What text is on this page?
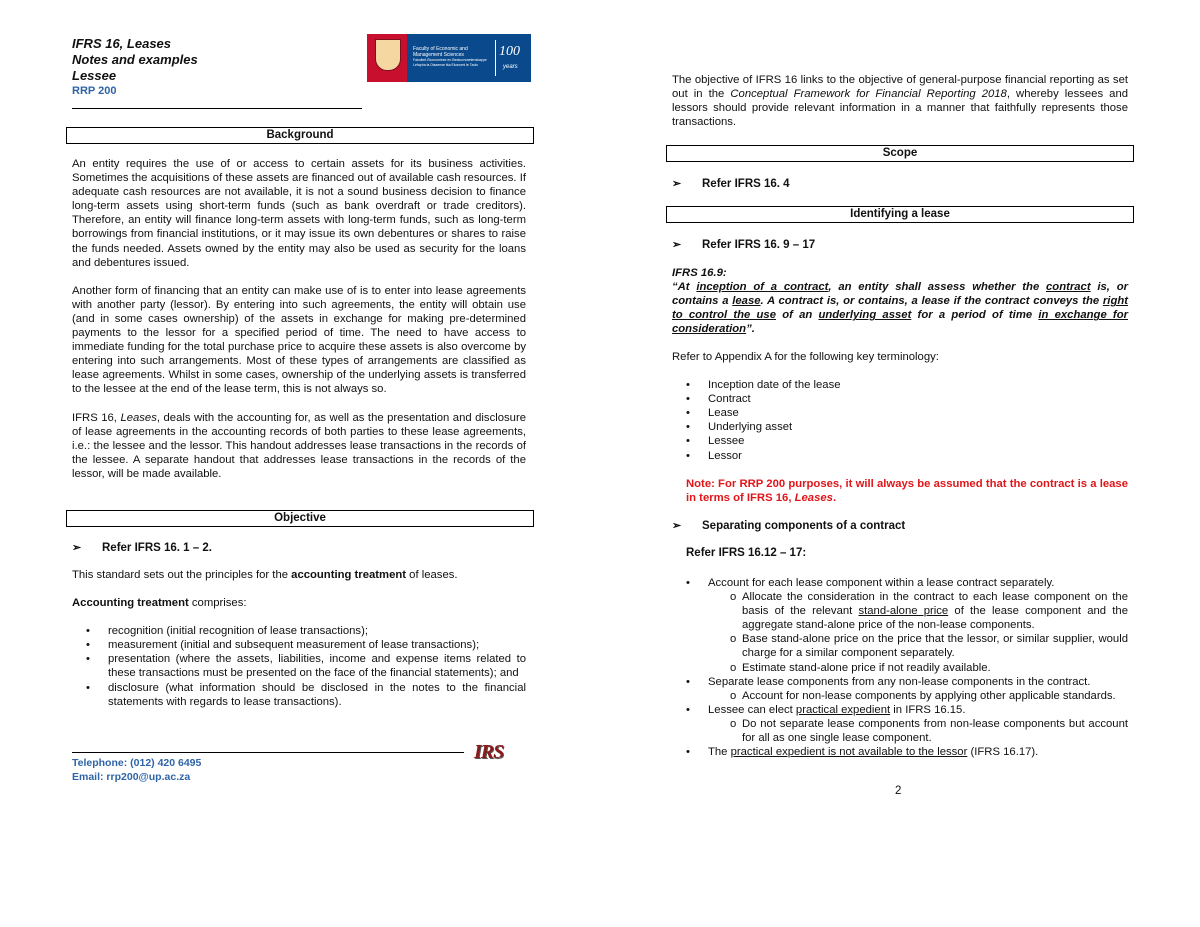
IFRS 16, Leases
Notes and examples
Lessee
RRP 200
Faculty of Economic and
Management Sciences
Fakulteit Ekonomiese en Bestuurswetenskappe
Lefapha la Disaense tša Ekonomi le Taolo
100
years
Background

An entity requires the use of or access to certain assets for its business activities. Sometimes the acquisitions of these assets are financed out of available cash resources. If adequate cash resources are not available, it is not a sound business decision to finance long-term assets using short-term funds (such as bank overdraft or trade creditors). Therefore, an entity will finance long-term assets with long-term funds, such as long-term borrowings from financial institutions, or it may issue its own debentures or shares to raise the funds needed. Assets owned by the entity may also be used as security for the loans and debentures issued.

Another form of financing that an entity can make use of is to enter into lease agreements with another party (lessor). By entering into such agreements, the entity will obtain use (and in some cases ownership) of the assets in exchange for making pre-determined payments to the lessor for a specified period of time. The need to have access to immediate funding for the total purchase price to acquire these assets is also overcome by entering into such arrangements. Most of these types of arrangements are classified as lease agreements. Whilst in some cases, ownership of the underlying assets is transferred to the lessee at the end of the lease term, this is not always so.

IFRS 16, Leases, deals with the accounting for, as well as the presentation and disclosure of lease agreements in the accounting records of both parties to these lease agreements, i.e.: the lessee and the lessor. This handout addresses lease transactions in the records of the lessee. A separate handout that addresses lease transactions in the records of the lessor, will be made available.

Objective
➢ Refer IFRS 16. 1 – 2.

This standard sets out the principles for the accounting treatment of leases.

Accounting treatment comprises:

• recognition (initial recognition of lease transactions);
• measurement (initial and subsequent measurement of lease transactions);
• presentation (where the assets, liabilities, income and expense items related to these transactions must be presented on the face of the financial statements); and
• disclosure (what information should be disclosed in the notes to the financial statements with regards to lease transactions).
Telephone: (012) 420 6495
Email: rrp200@up.ac.za
IRS

The objective of IFRS 16 links to the objective of general-purpose financial reporting as set out in the Conceptual Framework for Financial Reporting 2018, whereby lessees and lessors should provide relevant information in a manner that faithfully represents those transactions.

Scope
➢ Refer IFRS 16. 4
Identifying a lease
➢ Refer IFRS 16. 9 – 17
IFRS 16.9:

“At inception of a contract, an entity shall assess whether the contract is, or contains a lease. A contract is, or contains, a lease if the contract conveys the right to control the use of an underlying asset for a period of time in exchange for consideration”.

Refer to Appendix A for the following key terminology:

• Inception date of the lease
• Contract
• Lease
• Underlying asset
• Lessee
• Lessor

Note: For RRP 200 purposes, it will always be assumed that the contract is a lease in terms of IFRS 16, Leases.

➢ Separating components of a contract
Refer IFRS 16.12 – 17:
• Account for each lease component within a lease contract separately.
o Allocate the consideration in the contract to each lease component on the basis of the relevant stand-alone price of the lease component and the aggregate stand-alone price of the non-lease components.
o Base stand-alone price on the price that the lessor, or similar supplier, would charge for a similar component separately.
o Estimate stand-alone price if not readily available.
• Separate lease components from any non-lease components in the contract.
o Account for non-lease components by applying other applicable standards.
• Lessee can elect practical expedient in IFRS 16.15.
o Do not separate lease components from non-lease components but account for all as one single lease component.
• The practical expedient is not available to the lessor (IFRS 16.17).
2
